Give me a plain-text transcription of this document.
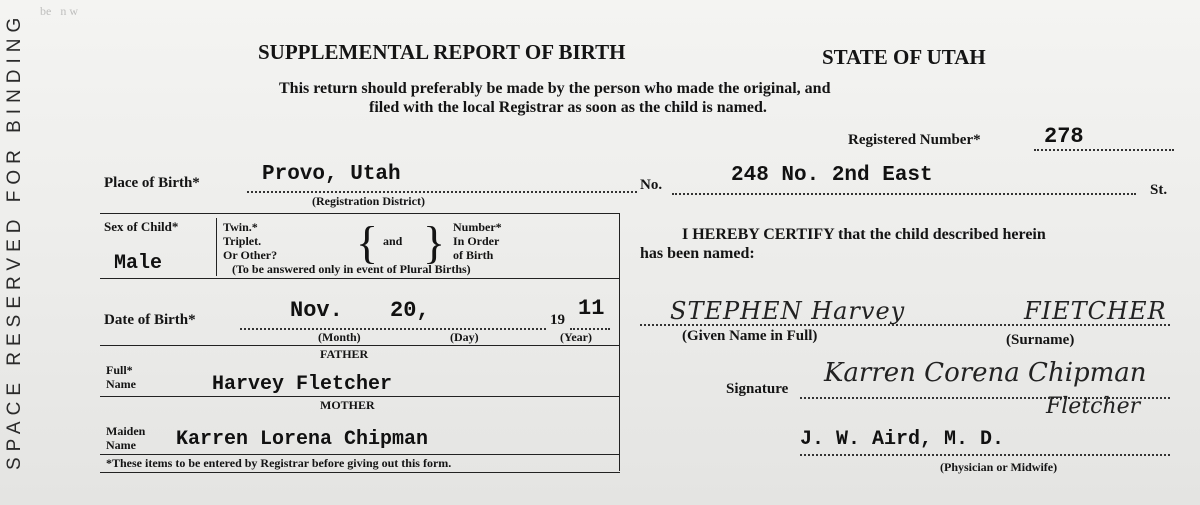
SPACE RESERVED FOR BINDING
be   n w
SUPPLEMENTAL REPORT OF BIRTH	STATE OF UTAH
This return should preferably be made by the person who made the original, and
filed with the local Registrar as soon as the child is named.
Registered Number*	278
Place of Birth*	Provo, Utah
(Registration District)
No.	248 No. 2nd East
St.
Sex of Child*
Male
Twin.*
Triplet.
Or Other? { and } Number*
In Order
of Birth
(To be answered only in event of Plural Births)
Date of Birth*	Nov. 20,	19 11
(Month)	(Day)	(Year)
FATHER
Full*
Name	Harvey Fletcher
MOTHER
Maiden
Name Karren Lorena Chipman
*These items to be entered by Registrar before giving out this form.
I HEREBY CERTIFY that the child described herein
has been named:
STEPHEN Harvey	FIETCHER
(Given Name in Full)	(Surname)
Signature
Karren Corena Chipman
Fletcher
J. W. Aird, M. D.
(Physician or Midwife)
